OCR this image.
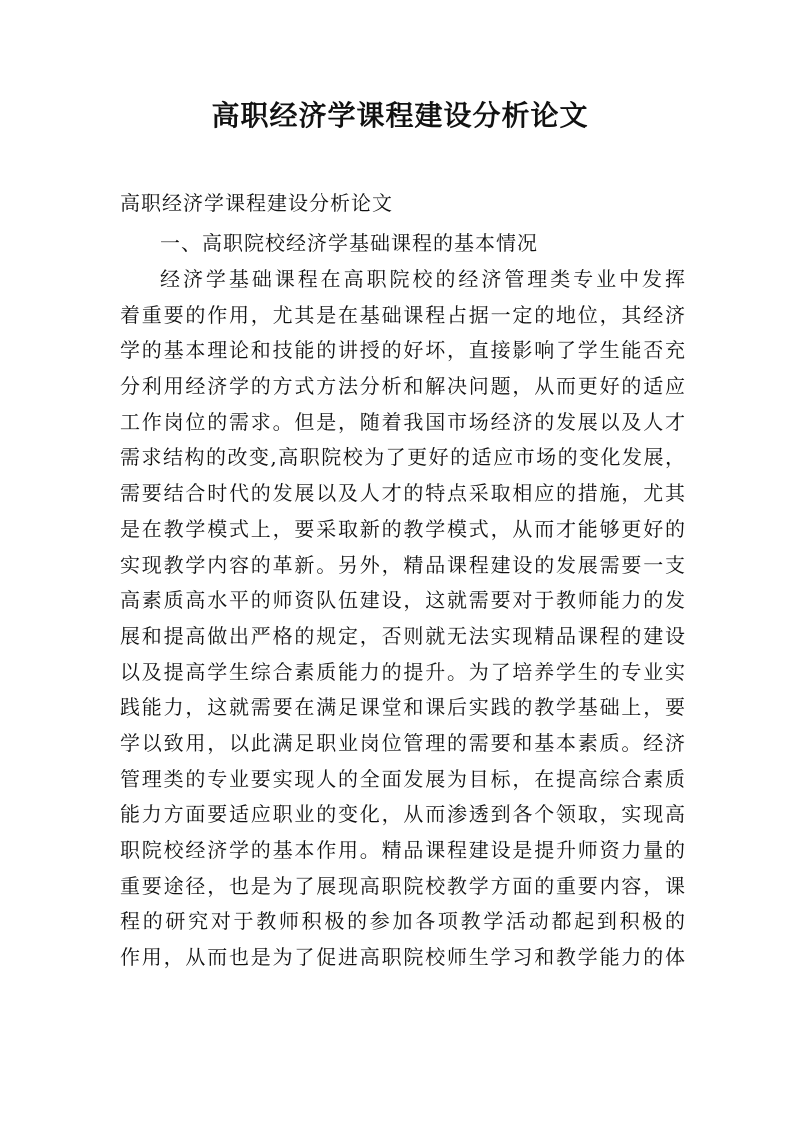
高职经济学课程建设分析论文
高职经济学课程建设分析论文
一、高职院校经济学基础课程的基本情况
经济学基础课程在高职院校的经济管理类专业中发挥
着重要的作用，尤其是在基础课程占据一定的地位，其经济
学的基本理论和技能的讲授的好坏，直接影响了学生能否充
分利用经济学的方式方法分析和解决问题，从而更好的适应
工作岗位的需求。但是，随着我国市场经济的发展以及人才
需求结构的改变,高职院校为了更好的适应市场的变化发展，
需要结合时代的发展以及人才的特点采取相应的措施，尤其
是在教学模式上，要采取新的教学模式，从而才能够更好的
实现教学内容的革新。另外，精品课程建设的发展需要一支
高素质高水平的师资队伍建设，这就需要对于教师能力的发
展和提高做出严格的规定，否则就无法实现精品课程的建设
以及提高学生综合素质能力的提升。为了培养学生的专业实
践能力，这就需要在满足课堂和课后实践的教学基础上，要
学以致用，以此满足职业岗位管理的需要和基本素质。经济
管理类的专业要实现人的全面发展为目标，在提高综合素质
能力方面要适应职业的变化，从而渗透到各个领取，实现高
职院校经济学的基本作用。精品课程建设是提升师资力量的
重要途径，也是为了展现高职院校教学方面的重要内容，课
程的研究对于教师积极的参加各项教学活动都起到积极的
作用，从而也是为了促进高职院校师生学习和教学能力的体
